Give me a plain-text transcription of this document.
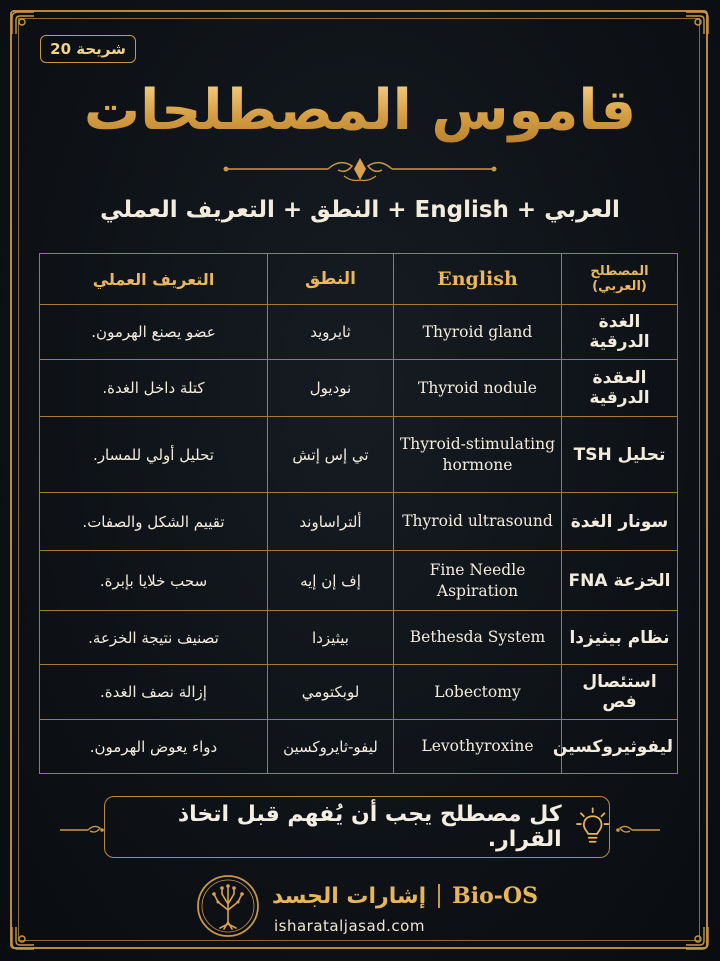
شريحة 20
قاموس المصطلحات
العربي + English + النطق + التعريف العملي
المصطلح (العربي)	English	النطق	التعريف العملي
الغدة الدرقية	Thyroid gland	ثايرويد	عضو يصنع الهرمون.
العقدة الدرقية	Thyroid nodule	نوديول	كتلة داخل الغدة.
تحليل TSH	Thyroid-stimulating hormone	تي إس إتش	تحليل أولي للمسار.
سونار الغدة	Thyroid ultrasound	ألتراساوند	تقييم الشكل والصفات.
الخزعة FNA	Fine Needle Aspiration	إف إن إيه	سحب خلايا بإبرة.
نظام بيثيزدا	Bethesda System	بيثيزدا	تصنيف نتيجة الخزعة.
استئصال فص	Lobectomy	لوبكتومي	إزالة نصف الغدة.
ليفوثيروكسين	Levothyroxine	ليفو-ثايروكسين	دواء يعوض الهرمون.
كل مصطلح يجب أن يُفهم قبل اتخاذ القرار.
إشارات الجسد Bio-OS
isharataljasad.com
